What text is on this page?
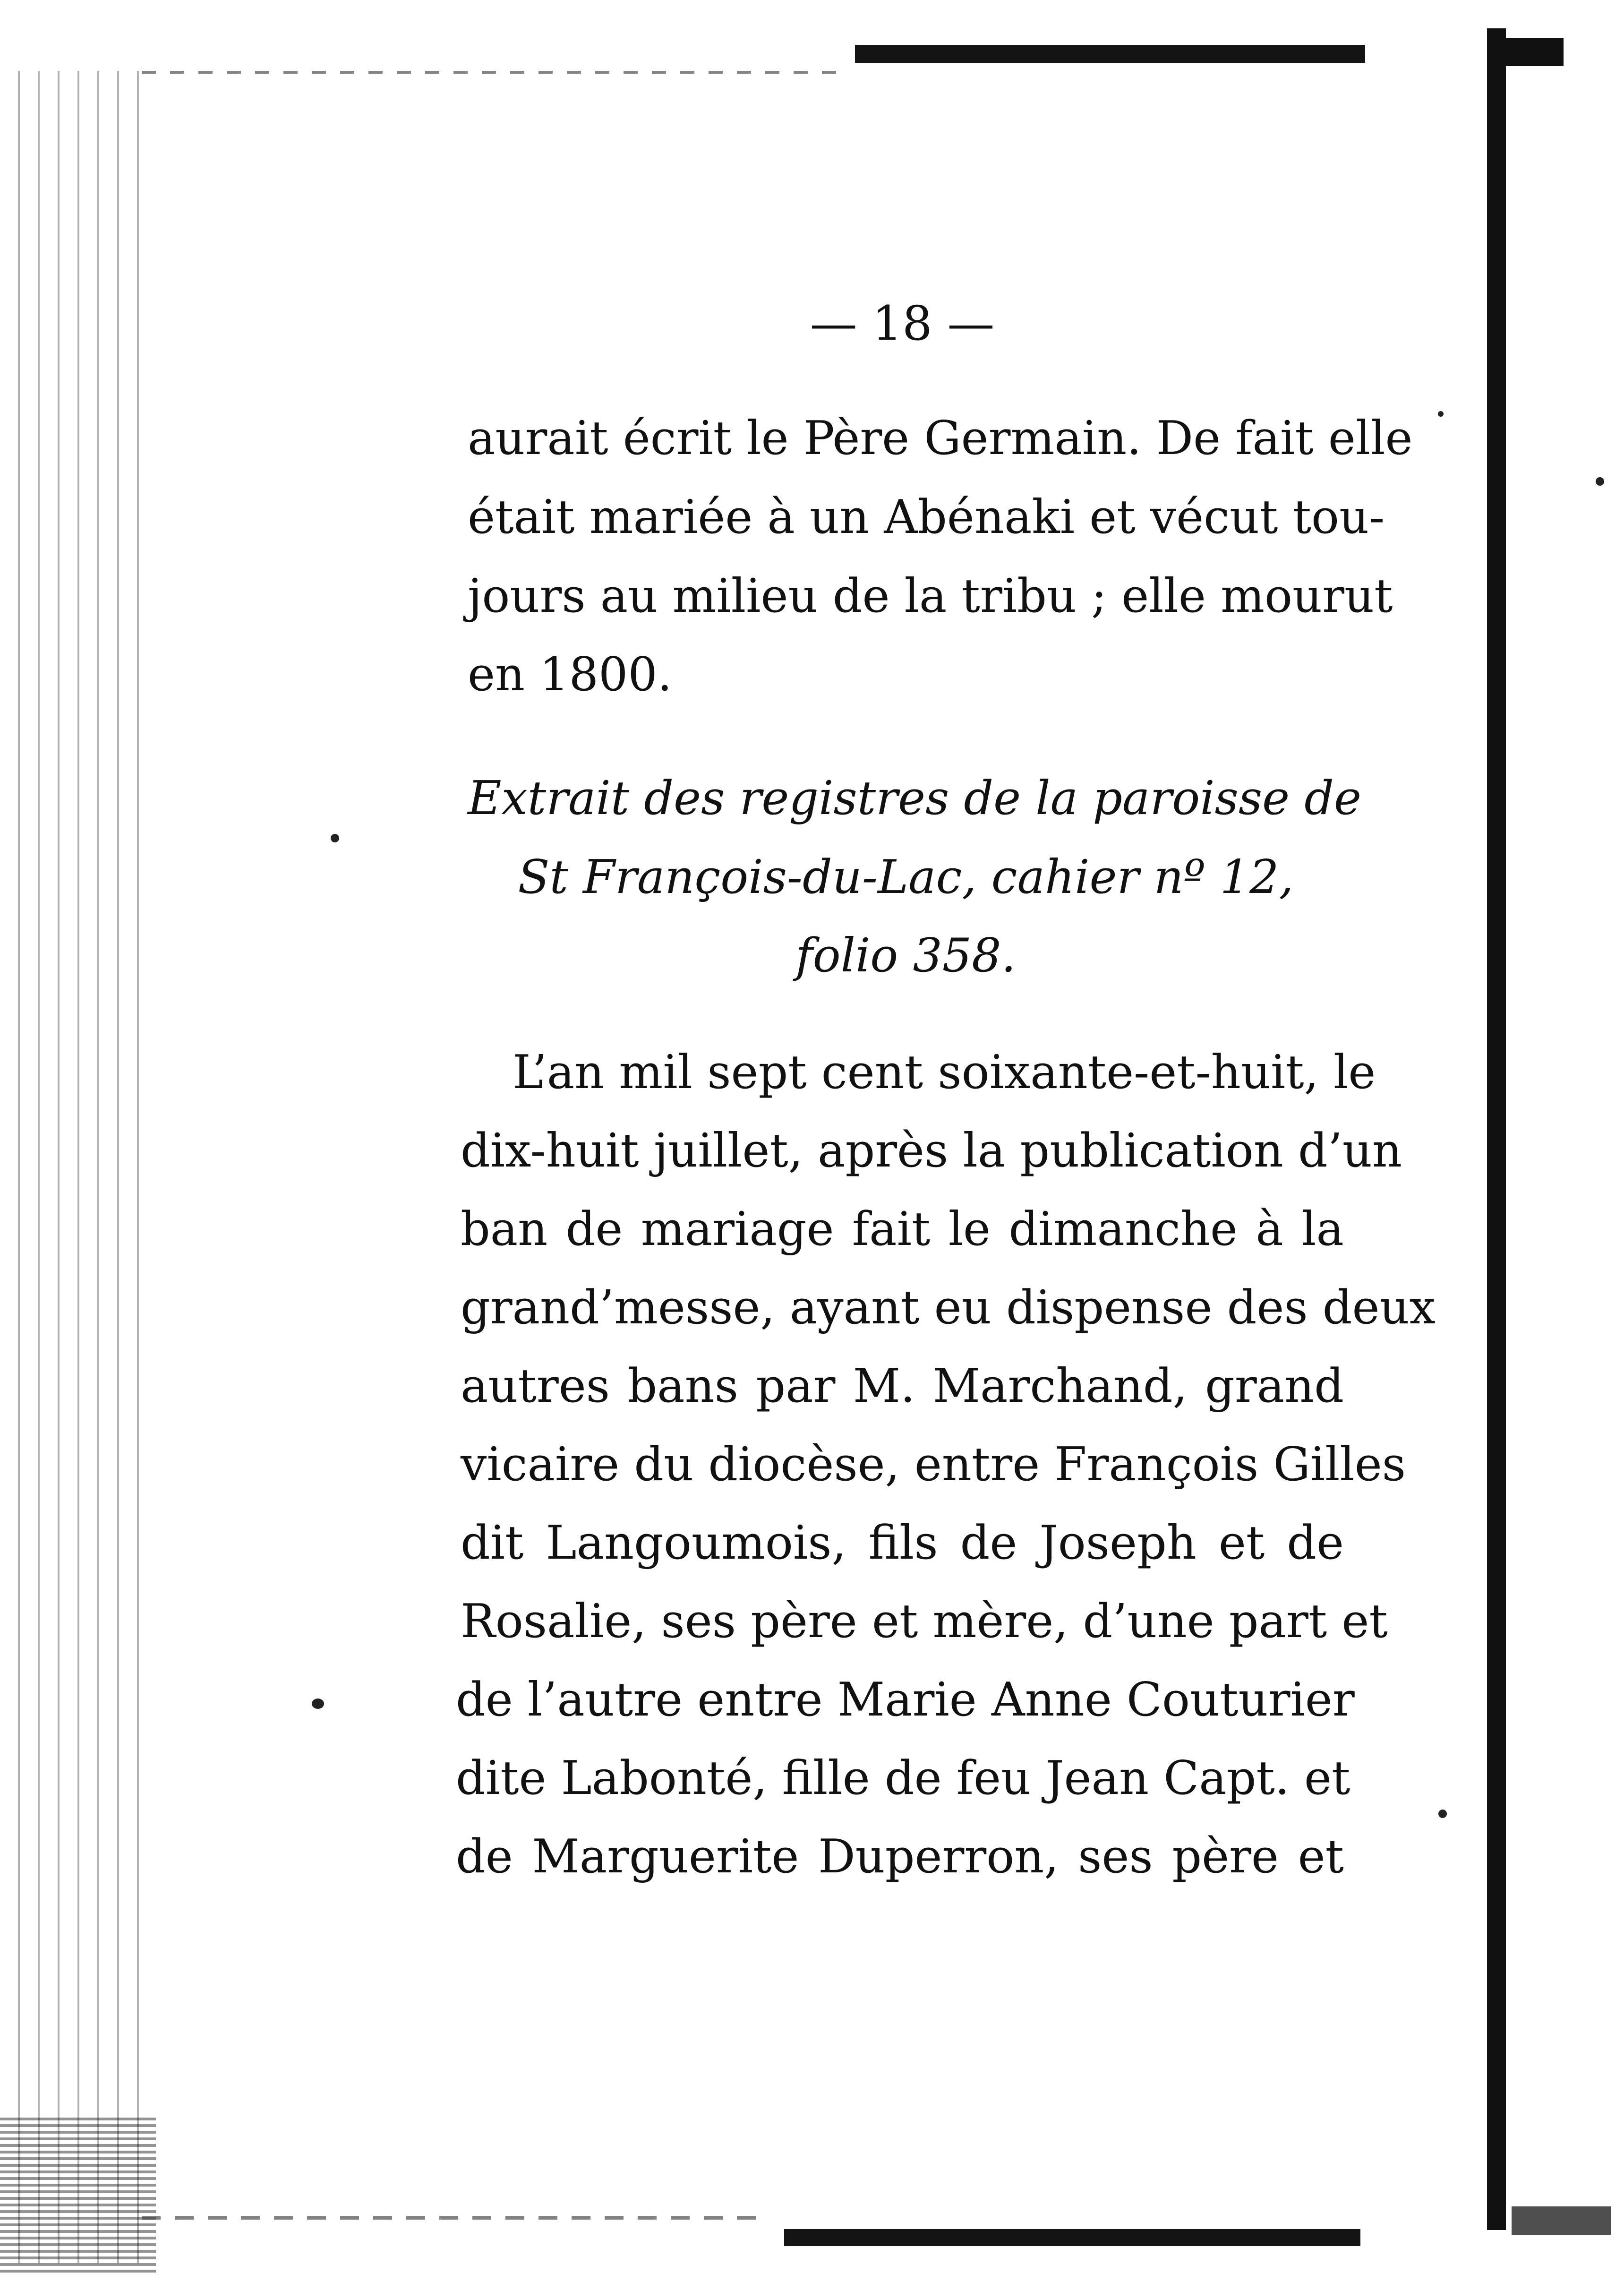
— 18 —
aurait écrit le Père Germain. De fait elle
était mariée à un Abénaki et vécut tou-
jours au milieu de la tribu ; elle mourut
en 1800.
Extrait des registres de la paroisse de
St François-du-Lac, cahier nº 12,
folio 358.
L’an mil sept cent soixante-et-huit, le
dix-huit juillet, après la publication d’un
ban de mariage fait le dimanche à la
grand’messe, ayant eu dispense des deux
autres bans par M. Marchand, grand
vicaire du diocèse, entre François Gilles
dit Langoumois, fils de Joseph et de
Rosalie, ses père et mère, d’une part et
de l’autre entre Marie Anne Couturier
dite Labonté, fille de feu Jean Capt. et
de Marguerite Duperron, ses père et
